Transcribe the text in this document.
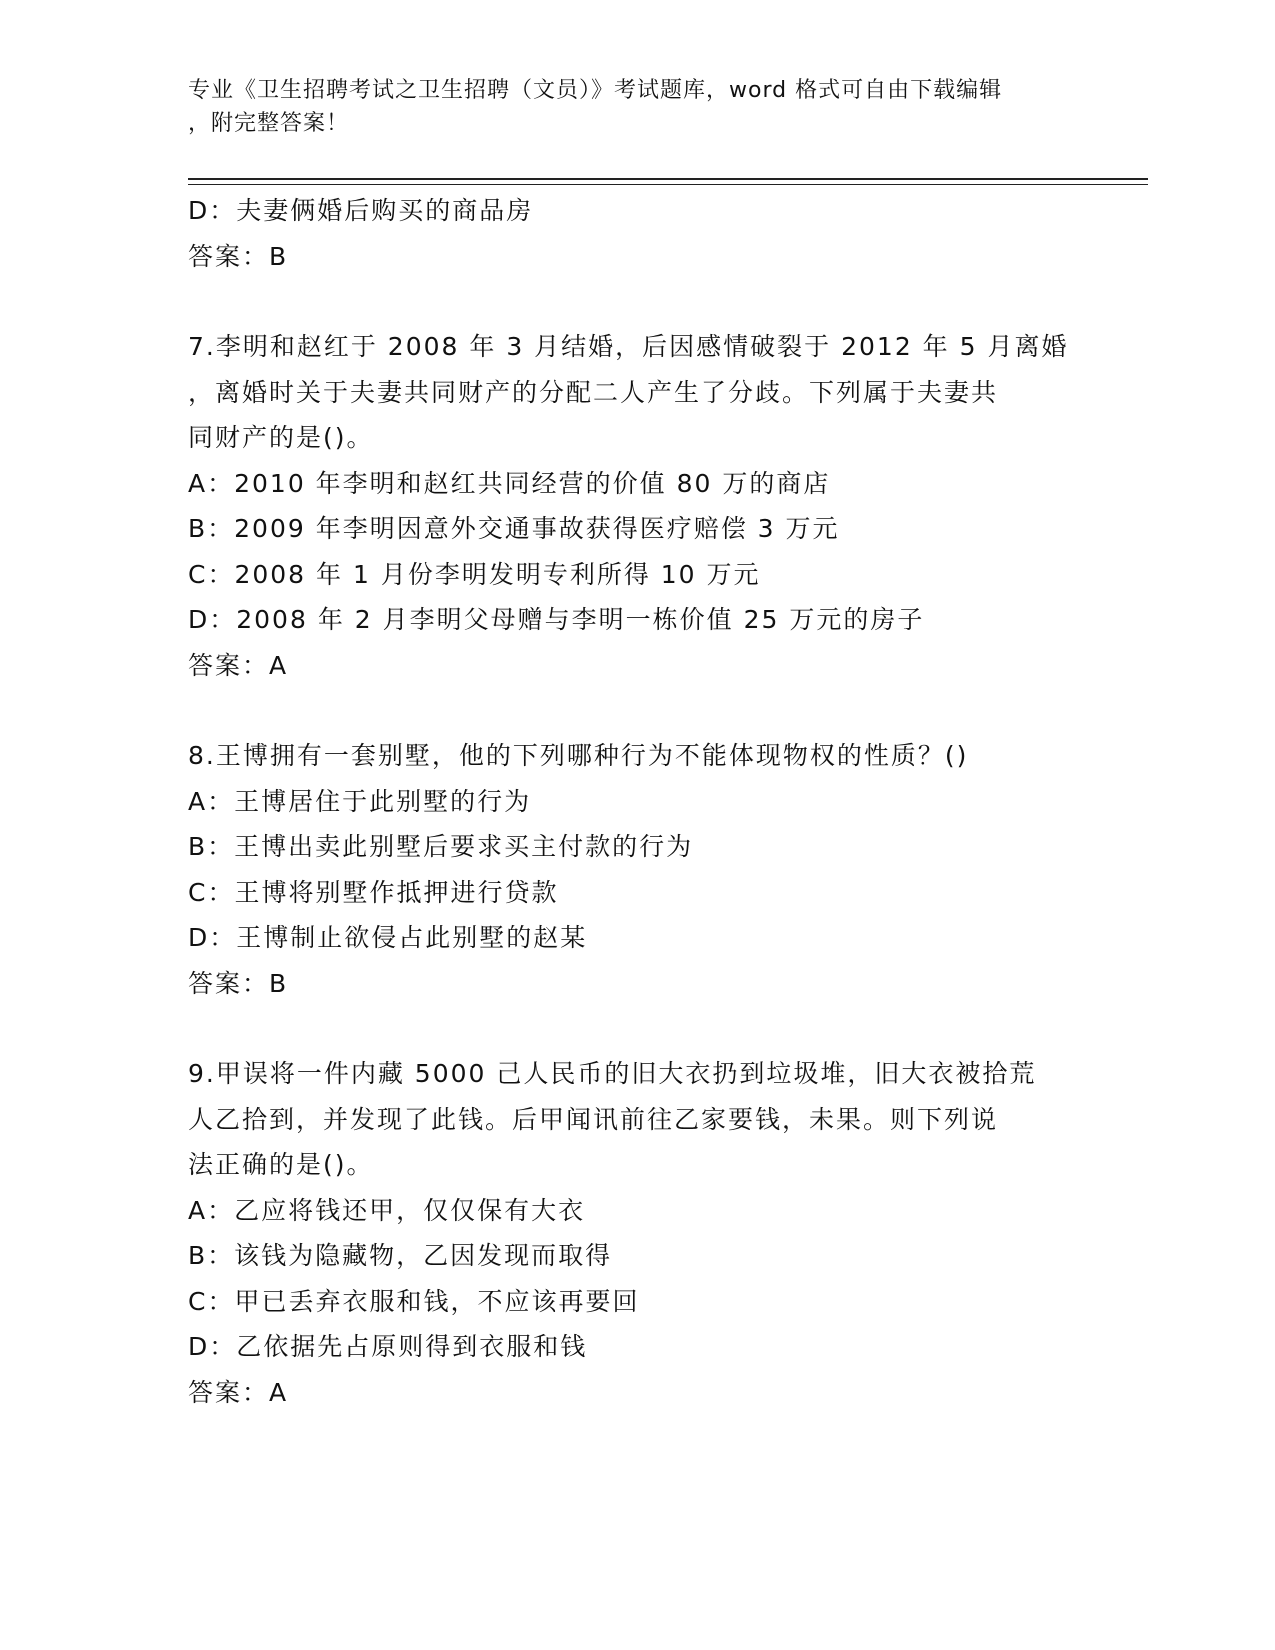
专业《卫生招聘考试之卫生招聘（文员）》考试题库，word 格式可自由下载编辑
，附完整答案！
D：夫妻俩婚后购买的商品房
答案：B
7.李明和赵红于 2008 年 3 月结婚，后因感情破裂于 2012 年 5 月离婚
，离婚时关于夫妻共同财产的分配二人产生了分歧。下列属于夫妻共
同财产的是()。
A：2010 年李明和赵红共同经营的价值 80 万的商店
B：2009 年李明因意外交通事故获得医疗赔偿 3 万元
C：2008 年 1 月份李明发明专利所得 10 万元
D：2008 年 2 月李明父母赠与李明一栋价值 25 万元的房子
答案：A
8.王博拥有一套别墅，他的下列哪种行为不能体现物权的性质？()
A：王博居住于此别墅的行为
B：王博出卖此别墅后要求买主付款的行为
C：王博将别墅作抵押进行贷款
D：王博制止欲侵占此别墅的赵某
答案：B
9.甲误将一件内藏 5000 己人民币的旧大衣扔到垃圾堆，旧大衣被拾荒
人乙拾到，并发现了此钱。后甲闻讯前往乙家要钱，未果。则下列说
法正确的是()。
A：乙应将钱还甲，仅仅保有大衣
B：该钱为隐藏物，乙因发现而取得
C：甲已丢弃衣服和钱，不应该再要回
D：乙依据先占原则得到衣服和钱
答案：A
